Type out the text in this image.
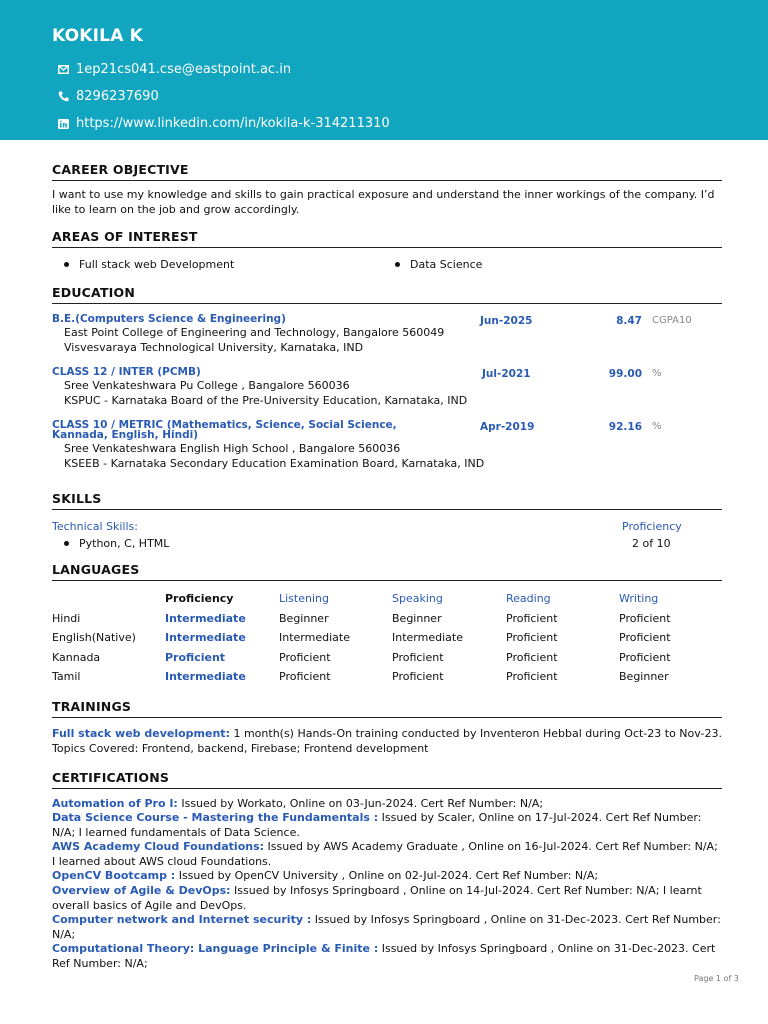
KOKILA K
1ep21cs041.cse@eastpoint.ac.in
8296237690
https://www.linkedin.com/in/kokila-k-314211310
CAREER OBJECTIVE
I want to use my knowledge and skills to gain practical exposure and understand the inner workings of the company. I’d like to learn on the job and grow accordingly.
AREAS OF INTEREST
Full stack web Development	Data Science
EDUCATION
B.E.(Computers Science & Engineering)
East Point College of Engineering and Technology, Bangalore 560049
Visvesvaraya Technological University, Karnataka, IND
Jun-2025	8.47 CGPA10
CLASS 12 / INTER (PCMB)
Sree Venkateshwara Pu College , Bangalore 560036
KSPUC - Karnataka Board of the Pre-University Education, Karnataka, IND
Jul-2021	99.00 %
CLASS 10 / METRIC (Mathematics, Science, Social Science, Kannada, English, Hindi)
Sree Venkateshwara English High School , Bangalore 560036
KSEEB - Karnataka Secondary Education Examination Board, Karnataka, IND
Apr-2019	92.16 %
SKILLS
Technical Skills:
Python, C, HTML
Proficiency
2 of 10
LANGUAGES
	Proficiency	Listening	Speaking	Reading	Writing
Hindi	Intermediate	Beginner	Beginner	Proficient	Proficient
English(Native)	Intermediate	Intermediate	Intermediate	Proficient	Proficient
Kannada	Proficient	Proficient	Proficient	Proficient	Proficient
Tamil	Intermediate	Proficient	Proficient	Proficient	Beginner
TRAININGS
Full stack web development: 1 month(s) Hands-On training conducted by Inventeron Hebbal during Oct-23 to Nov-23. Topics Covered: Frontend, backend, Firebase; Frontend development
CERTIFICATIONS
Automation of Pro I: Issued by Workato, Online on 03-Jun-2024. Cert Ref Number: N/A;
Data Science Course - Mastering the Fundamentals : Issued by Scaler, Online on 17-Jul-2024. Cert Ref Number: N/A; I learned fundamentals of Data Science.
AWS Academy Cloud Foundations: Issued by AWS Academy Graduate , Online on 16-Jul-2024. Cert Ref Number: N/A; I learned about AWS cloud Foundations.
OpenCV Bootcamp : Issued by OpenCV University , Online on 02-Jul-2024. Cert Ref Number: N/A;
Overview of Agile & DevOps: Issued by Infosys Springboard , Online on 14-Jul-2024. Cert Ref Number: N/A; I learnt overall basics of Agile and DevOps.
Computer network and Internet security : Issued by Infosys Springboard , Online on 31-Dec-2023. Cert Ref Number: N/A;
Computational Theory: Language Principle & Finite : Issued by Infosys Springboard , Online on 31-Dec-2023. Cert Ref Number: N/A;
Page 1 of 3
